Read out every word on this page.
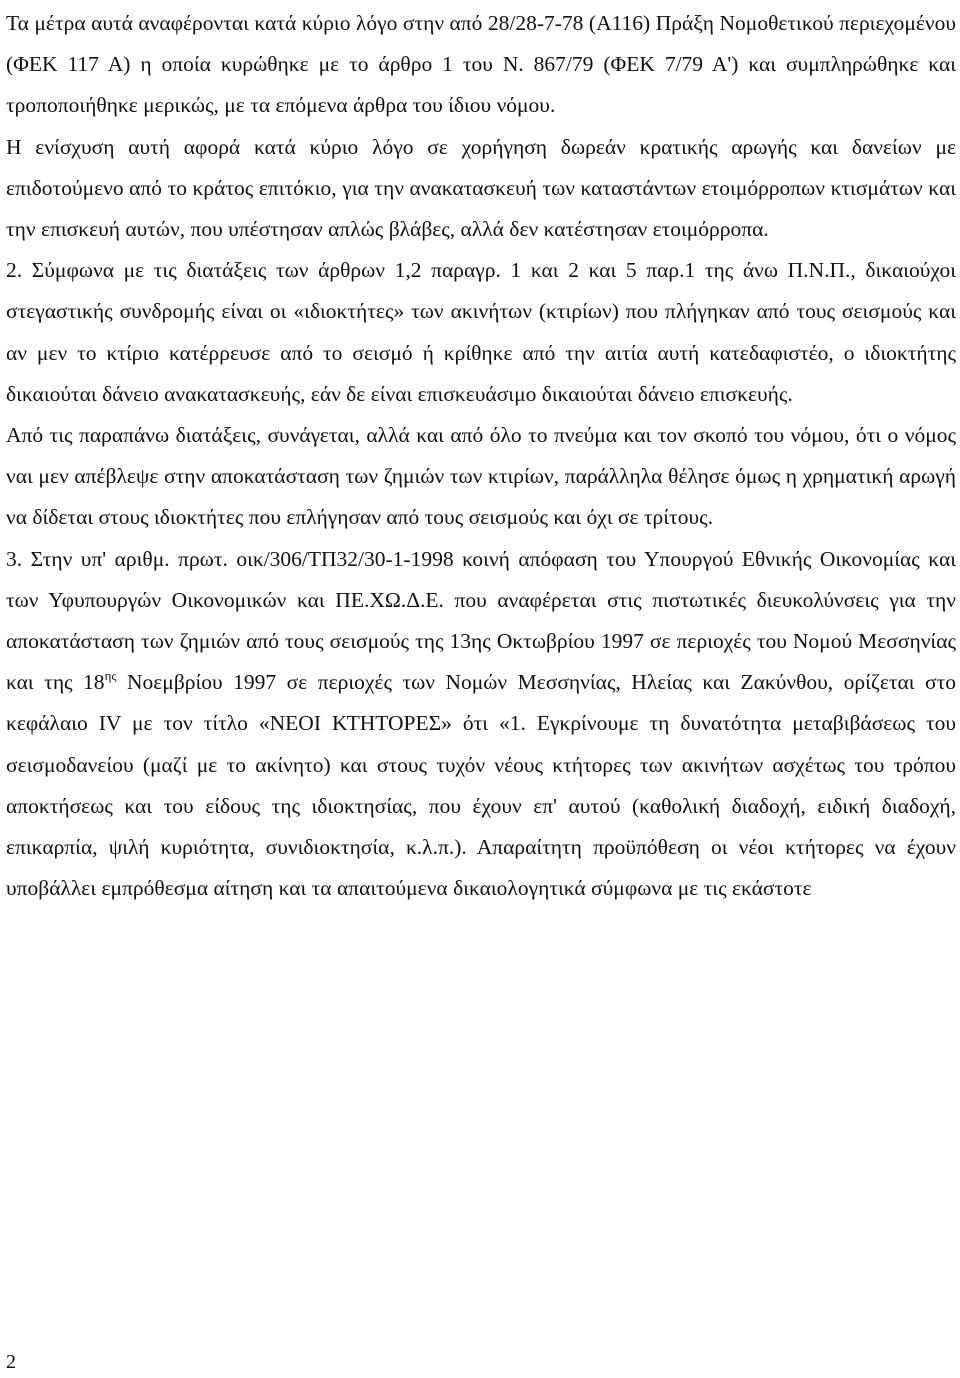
Τα μέτρα αυτά αναφέρονται κατά κύριο λόγο στην από 28/28-7-78 (Α116) Πράξη Νομοθετικού περιεχομένου (ΦΕΚ 117 Α) η οποία κυρώθηκε με το άρθρο 1 του Ν. 867/79 (ΦΕΚ 7/79 Α') και συμπληρώθηκε και τροποποιήθηκε μερικώς, με τα επόμενα άρθρα του ίδιου νόμου.

Η ενίσχυση αυτή αφορά κατά κύριο λόγο σε χορήγηση δωρεάν κρατικής αρωγής και δανείων με επιδοτούμενο από το κράτος επιτόκιο, για την ανακατασκευή των καταστάντων ετοιμόρροπων κτισμάτων και την επισκευή αυτών, που υπέστησαν απλώς βλάβες, αλλά δεν κατέστησαν ετοιμόρροπα.

2. Σύμφωνα με τις διατάξεις των άρθρων 1,2 παραγρ. 1 και 2 και 5 παρ.1 της άνω Π.Ν.Π., δικαιούχοι στεγαστικής συνδρομής είναι οι «ιδιοκτήτες» των ακινήτων (κτιρίων) που πλήγηκαν από τους σεισμούς και αν μεν το κτίριο κατέρρευσε από το σεισμό ή κρίθηκε από την αιτία αυτή κατεδαφιστέο, ο ιδιοκτήτης δικαιούται δάνειο ανακατασκευής, εάν δε είναι επισκευάσιμο δικαιούται δάνειο επισκευής.

Από τις παραπάνω διατάξεις, συνάγεται, αλλά και από όλο το πνεύμα και τον σκοπό του νόμου, ότι ο νόμος ναι μεν απέβλεψε στην αποκατάσταση των ζημιών των κτιρίων, παράλληλα θέλησε όμως η χρηματική αρωγή να δίδεται στους ιδιοκτήτες που επλήγησαν από τους σεισμούς και όχι σε τρίτους.

3. Στην υπ' αριθμ. πρωτ. οικ/306/ΤΠ32/30-1-1998 κοινή απόφαση του Υπουργού Εθνικής Οικονομίας και των Υφυπουργών Οικονομικών και ΠΕ.ΧΩ.Δ.Ε. που αναφέρεται στις πιστωτικές διευκολύνσεις για την αποκατάσταση των ζημιών από τους σεισμούς της 13ης Οκτωβρίου 1997 σε περιοχές του Νομού Μεσσηνίας και της $18^{\eta\varsigma}$ Νοεμβρίου 1997 σε περιοχές των Νομών Μεσσηνίας, Ηλείας και Ζακύνθου, ορίζεται στο κεφάλαιο IV με τον τίτλο «ΝΕΟΙ ΚΤΗΤΟΡΕΣ» ότι «1. Εγκρίνουμε τη δυνατότητα μεταβιβάσεως του σεισμοδανείου (μαζί με το ακίνητο) και στους τυχόν νέους κτήτορες των ακινήτων ασχέτως του τρόπου αποκτήσεως και του είδους της ιδιοκτησίας, που έχουν επ' αυτού (καθολική διαδοχή, ειδική διαδοχή, επικαρπία, ψιλή κυριότητα, συνιδιοκτησία, κ.λ.π.). Απαραίτητη προϋπόθεση οι νέοι κτήτορες να έχουν υποβάλλει εμπρόθεσμα αίτηση και τα απαιτούμενα δικαιολογητικά σύμφωνα με τις εκάστοτε

2
